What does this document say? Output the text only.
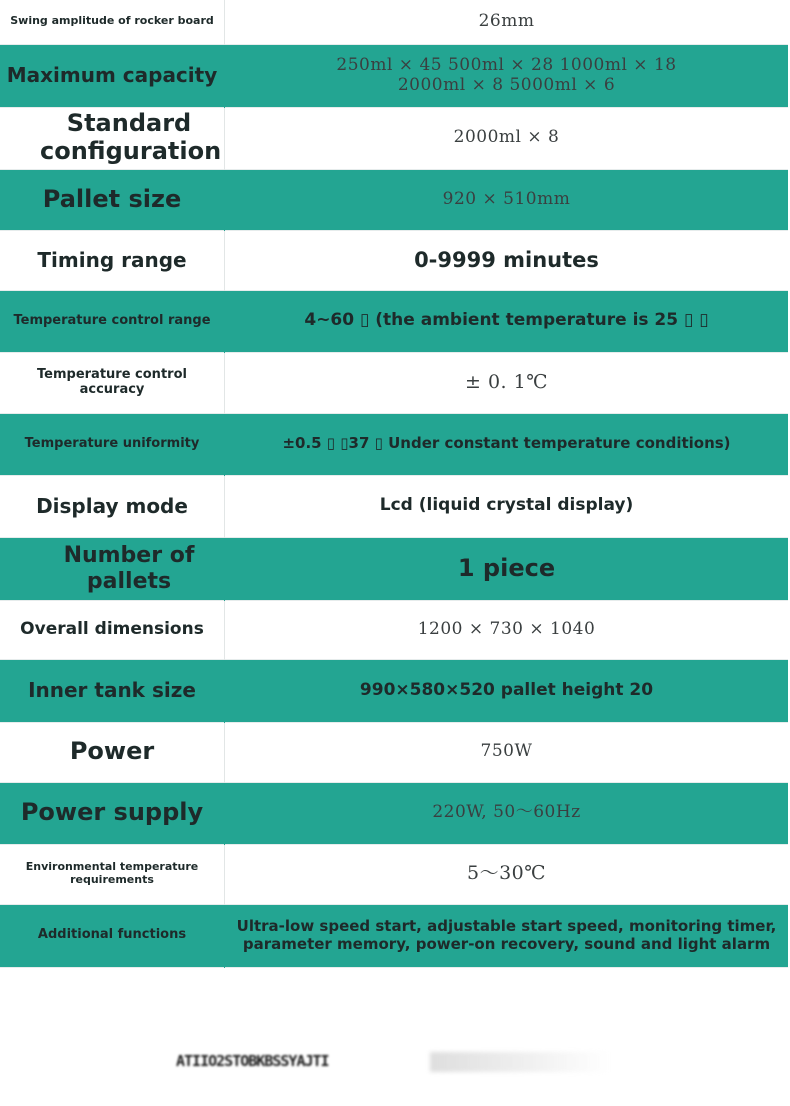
Swing amplitude of rocker board	26mm
Maximum capacity	250ml × 45 500ml × 28 1000ml × 18
2000ml × 8 5000ml × 6

Standard configuration	2000ml × 8
Pallet size	920 × 510mm
Timing range	0-9999 minutes
Temperature control range	4~60 ▯ (the ambient temperature is 25 ▯ ▯
Temperature control accuracy	± 0. 1℃
Temperature uniformity	±0.5 ▯ ▯37 ▯ Under constant temperature conditions)
Display mode	Lcd (liquid crystal display)
Number of pallets	1 piece
Overall dimensions	1200 × 730 × 1040
Inner tank size	990×580×520 pallet height 20
Power	750W
Power supply	220W, 50～60Hz

Environmental temperature
requirements	5～30℃
Additional functions	Ultra-low speed start, adjustable start speed, monitoring timer,
parameter memory, power-on recovery, sound and light alarm
ATIIO2STOBKBSSYAJTI
